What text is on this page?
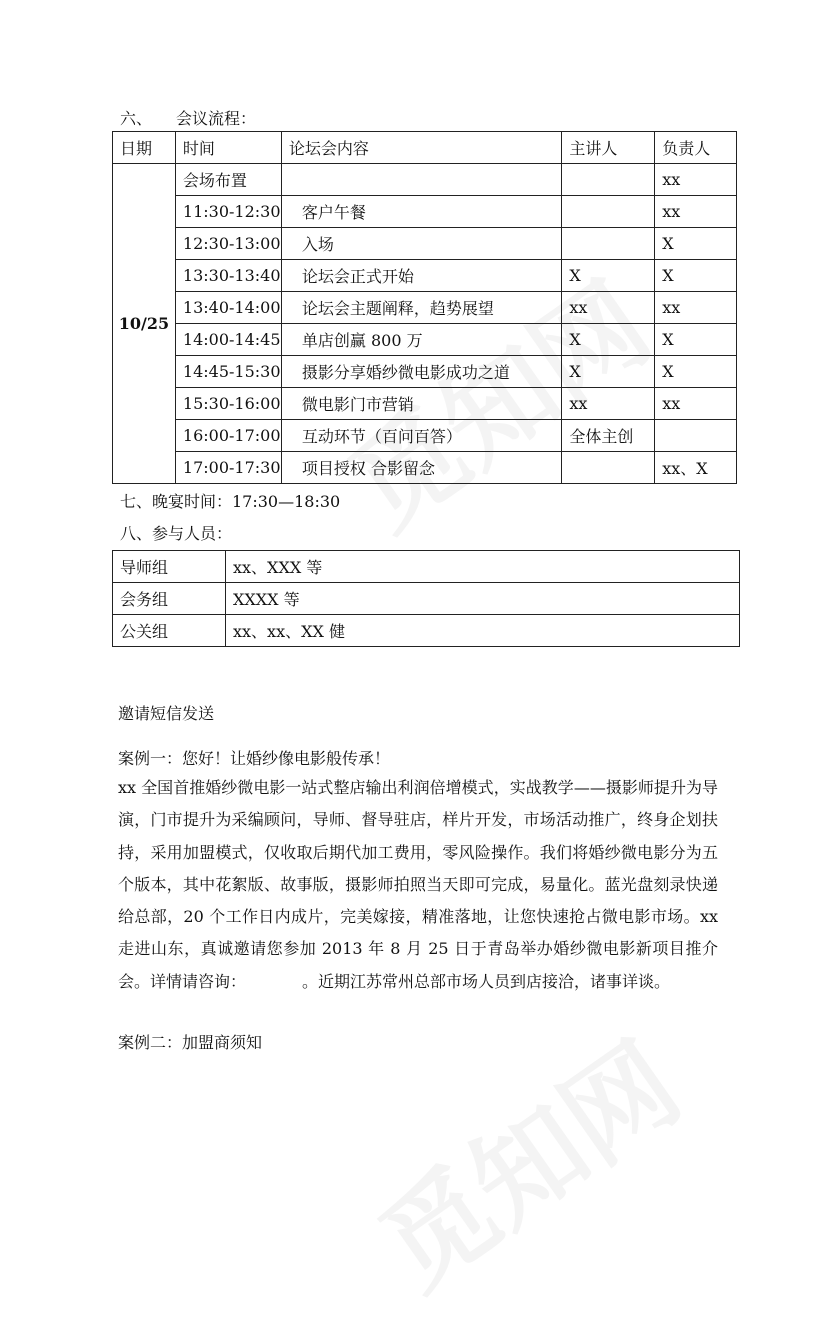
六、　　会议流程：
日期	时间	论坛会内容	主讲人	负责人
10/25	会场布置			xx
	11:30-12:30	客户午餐		xx
	12:30-13:00	入场		X
	13:30-13:40	论坛会正式开始	X	X
	13:40-14:00	论坛会主题阐释，趋势展望	xx	xx
	14:00-14:45	单店创赢 800 万	X	X
	14:45-15:30	摄影分享婚纱微电影成功之道	X	X
	15:30-16:00	微电影门市营销	xx	xx
	16:00-17:00	互动环节（百问百答）	全体主创	
	17:00-17:30	项目授权 合影留念		xx、X
七、晚宴时间：17:30—18:30
八、参与人员：
导师组	xx、XXX 等
会务组	XXXX 等
公关组	xx、xx、XX 健
邀请短信发送
案例一：您好！让婚纱像电影般传承！
xx 全国首推婚纱微电影一站式整店输出利润倍增模式，实战教学——摄影师提升为导演，门市提升为采编顾问，导师、督导驻店，样片开发，市场活动推广，终身企划扶持，采用加盟模式，仅收取后期代加工费用，零风险操作。我们将婚纱微电影分为五个版本，其中花絮版、故事版，摄影师拍照当天即可完成，易量化。蓝光盘刻录快递给总部，20 个工作日内成片，完美嫁接，精准落地，让您快速抢占微电影市场。xx 走进山东，真诚邀请您参加 2013 年 8 月 25 日于青岛举办婚纱微电影新项目推介会。详情请咨询：　　　　。近期江苏常州总部市场人员到店接洽，诸事详谈。
案例二：加盟商须知
